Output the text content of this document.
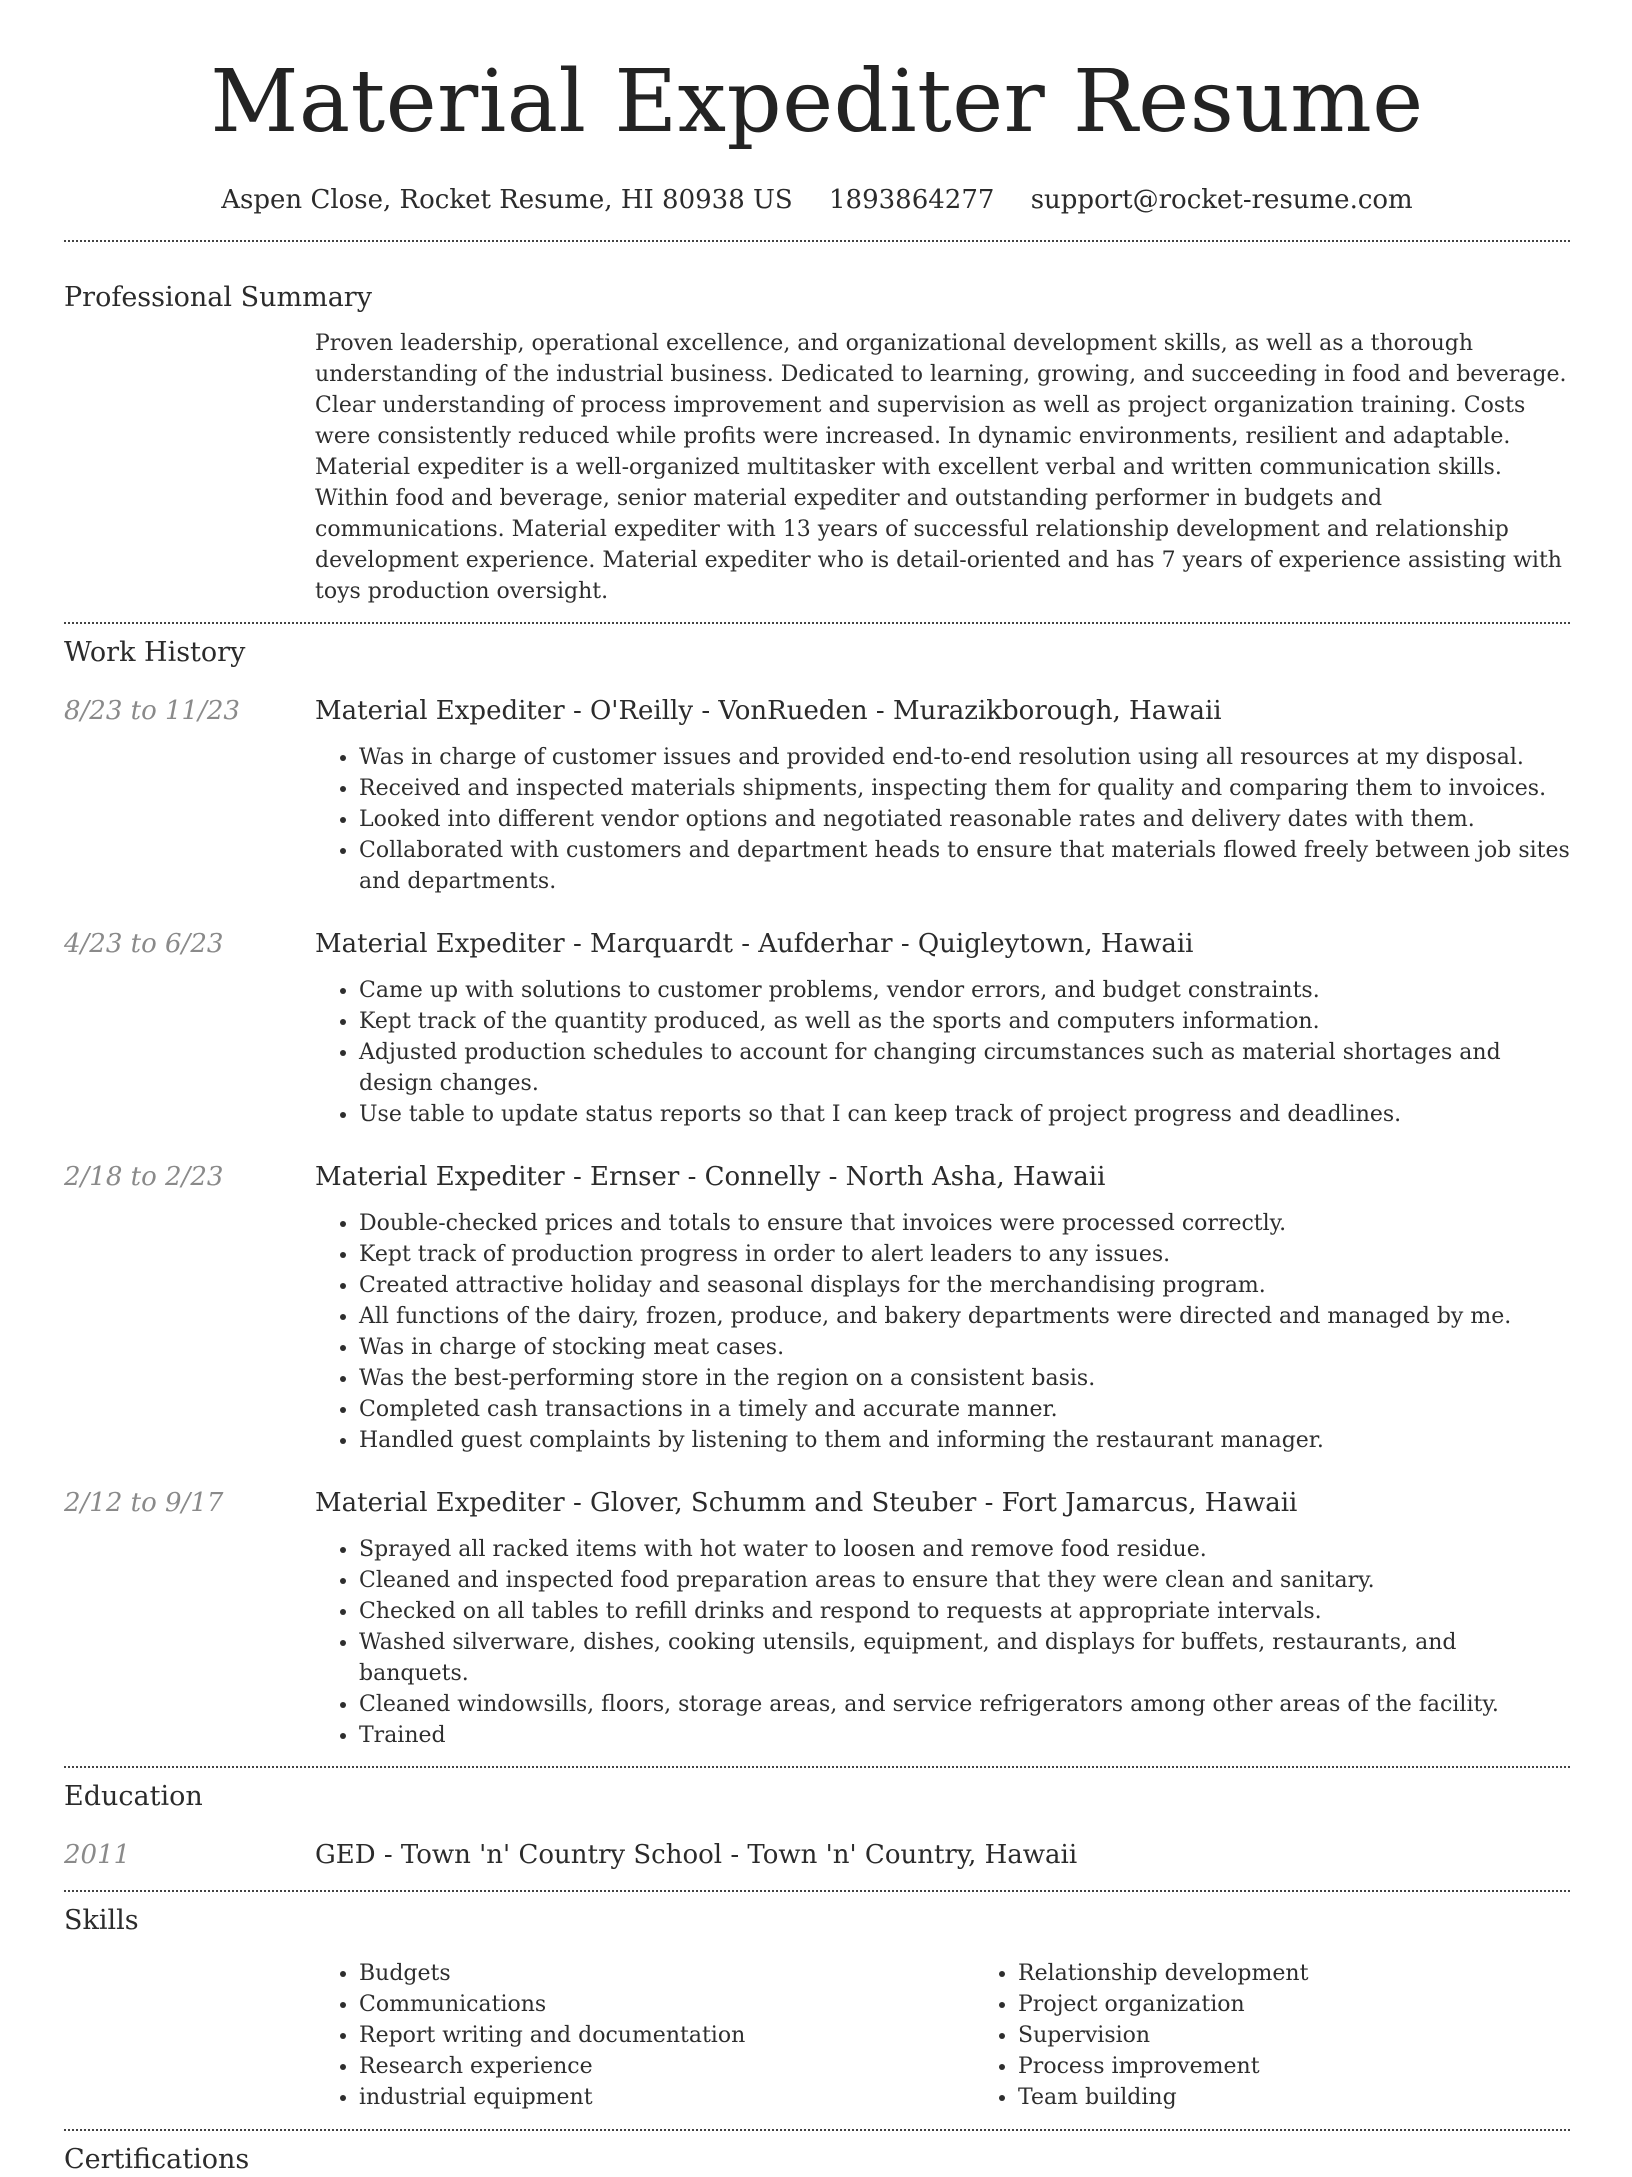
Material Expediter Resume
Aspen Close, Rocket Resume, HI 80938 US 1893864277 support@rocket-resume.com
Professional Summary
Proven leadership, operational excellence, and organizational development skills, as well as a thorough understanding of the industrial business. Dedicated to learning, growing, and succeeding in food and beverage. Clear understanding of process improvement and supervision as well as project organization training. Costs were consistently reduced while profits were increased. In dynamic environments, resilient and adaptable. Material expediter is a well-organized multitasker with excellent verbal and written communication skills. Within food and beverage, senior material expediter and outstanding performer in budgets and communications. Material expediter with 13 years of successful relationship development and relationship development experience. Material expediter who is detail-oriented and has 7 years of experience assisting with toys production oversight.
Work History
8/23 to 11/23	Material Expediter - O'Reilly - VonRueden - Murazikborough, Hawaii
• Was in charge of customer issues and provided end-to-end resolution using all resources at my disposal.
• Received and inspected materials shipments, inspecting them for quality and comparing them to invoices.
• Looked into different vendor options and negotiated reasonable rates and delivery dates with them.
• Collaborated with customers and department heads to ensure that materials flowed freely between job sites and departments.
4/23 to 6/23	Material Expediter - Marquardt - Aufderhar - Quigleytown, Hawaii
• Came up with solutions to customer problems, vendor errors, and budget constraints.
• Kept track of the quantity produced, as well as the sports and computers information.
• Adjusted production schedules to account for changing circumstances such as material shortages and design changes.
• Use table to update status reports so that I can keep track of project progress and deadlines.
2/18 to 2/23	Material Expediter - Ernser - Connelly - North Asha, Hawaii
• Double-checked prices and totals to ensure that invoices were processed correctly.
• Kept track of production progress in order to alert leaders to any issues.
• Created attractive holiday and seasonal displays for the merchandising program.
• All functions of the dairy, frozen, produce, and bakery departments were directed and managed by me.
• Was in charge of stocking meat cases.
• Was the best-performing store in the region on a consistent basis.
• Completed cash transactions in a timely and accurate manner.
• Handled guest complaints by listening to them and informing the restaurant manager.
2/12 to 9/17	Material Expediter - Glover, Schumm and Steuber - Fort Jamarcus, Hawaii
• Sprayed all racked items with hot water to loosen and remove food residue.
• Cleaned and inspected food preparation areas to ensure that they were clean and sanitary.
• Checked on all tables to refill drinks and respond to requests at appropriate intervals.
• Washed silverware, dishes, cooking utensils, equipment, and displays for buffets, restaurants, and banquets.
• Cleaned windowsills, floors, storage areas, and service refrigerators among other areas of the facility.
• Trained
Education
2011	GED - Town 'n' Country School - Town 'n' Country, Hawaii
Skills
• Budgets
• Communications
• Report writing and documentation
• Research experience
• industrial equipment
• Relationship development
• Project organization
• Supervision
• Process improvement
• Team building
Certifications
